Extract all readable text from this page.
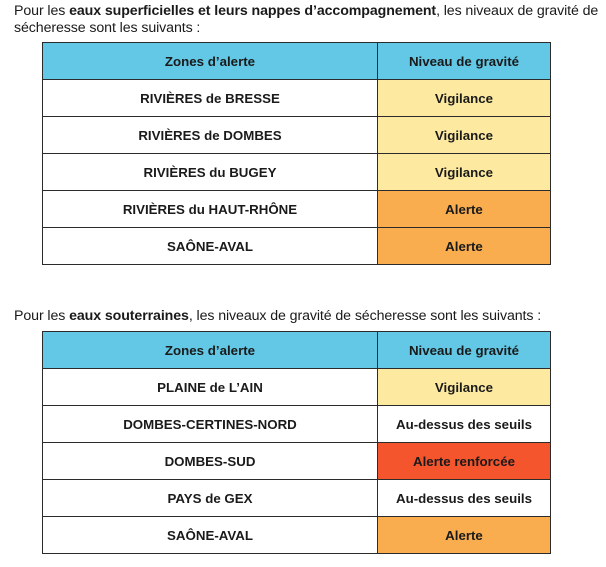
Pour les eaux superficielles et leurs nappes d’accompagnement, les niveaux de gravité de sécheresse sont les suivants :
Zones d’alerte	Niveau de gravité
RIVIÈRES de BRESSE	Vigilance
RIVIÈRES de DOMBES	Vigilance
RIVIÈRES du BUGEY	Vigilance
RIVIÈRES du HAUT-RHÔNE	Alerte
SAÔNE-AVAL	Alerte
Pour les eaux souterraines, les niveaux de gravité de sécheresse sont les suivants :
Zones d’alerte	Niveau de gravité
PLAINE de L’AIN	Vigilance
DOMBES-CERTINES-NORD	Au-dessus des seuils
DOMBES-SUD	Alerte renforcée
PAYS de GEX	Au-dessus des seuils
SAÔNE-AVAL	Alerte
